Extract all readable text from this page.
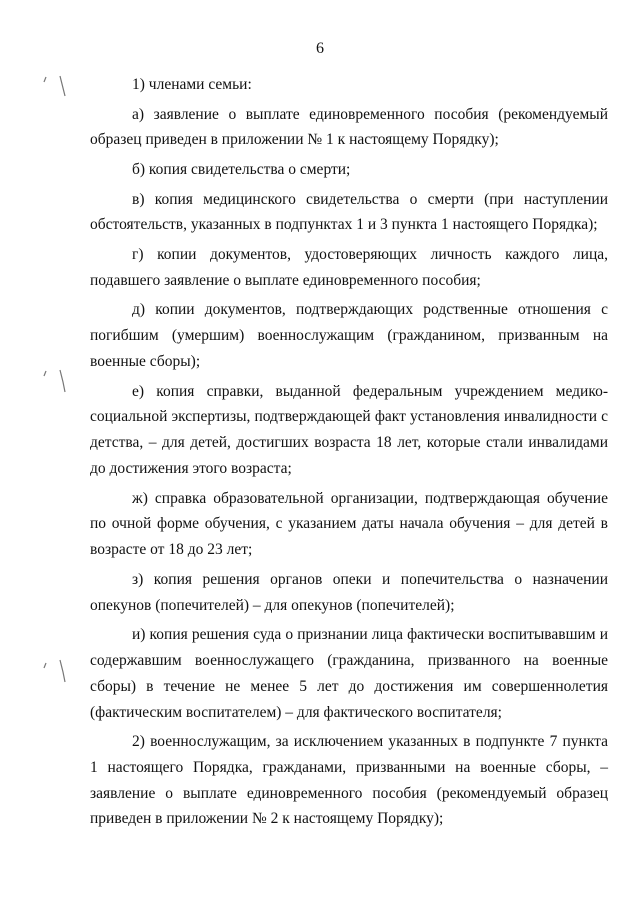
6

1) членами семьи:

а) заявление о выплате единовременного пособия (рекомендуемый образец приведен в приложении № 1 к настоящему Порядку);

б) копия свидетельства о смерти;

в) копия медицинского свидетельства о смерти (при наступлении обстоятельств, указанных в подпунктах 1 и 3 пункта 1 настоящего Порядка);

г) копии документов, удостоверяющих личность каждого лица, подавшего заявление о выплате единовременного пособия;

д) копии документов, подтверждающих родственные отношения с погибшим (умершим) военнослужащим (гражданином, призванным на военные сборы);

е) копия справки, выданной федеральным учреждением медико-социальной экспертизы, подтверждающей факт установления инвалидности с детства, – для детей, достигших возраста 18 лет, которые стали инвалидами до достижения этого возраста;

ж) справка образовательной организации, подтверждающая обучение по очной форме обучения, с указанием даты начала обучения – для детей в возрасте от 18 до 23 лет;

з) копия решения органов опеки и попечительства о назначении опекунов (попечителей) – для опекунов (попечителей);

и) копия решения суда о признании лица фактически воспитывавшим и содержавшим военнослужащего (гражданина, призванного на военные сборы) в течение не менее 5 лет до достижения им совершеннолетия (фактическим воспитателем) – для фактического воспитателя;

2) военнослужащим, за исключением указанных в подпункте 7 пункта 1 настоящего Порядка, гражданами, призванными на военные сборы, – заявление о выплате единовременного пособия (рекомендуемый образец приведен в приложении № 2 к настоящему Порядку);
